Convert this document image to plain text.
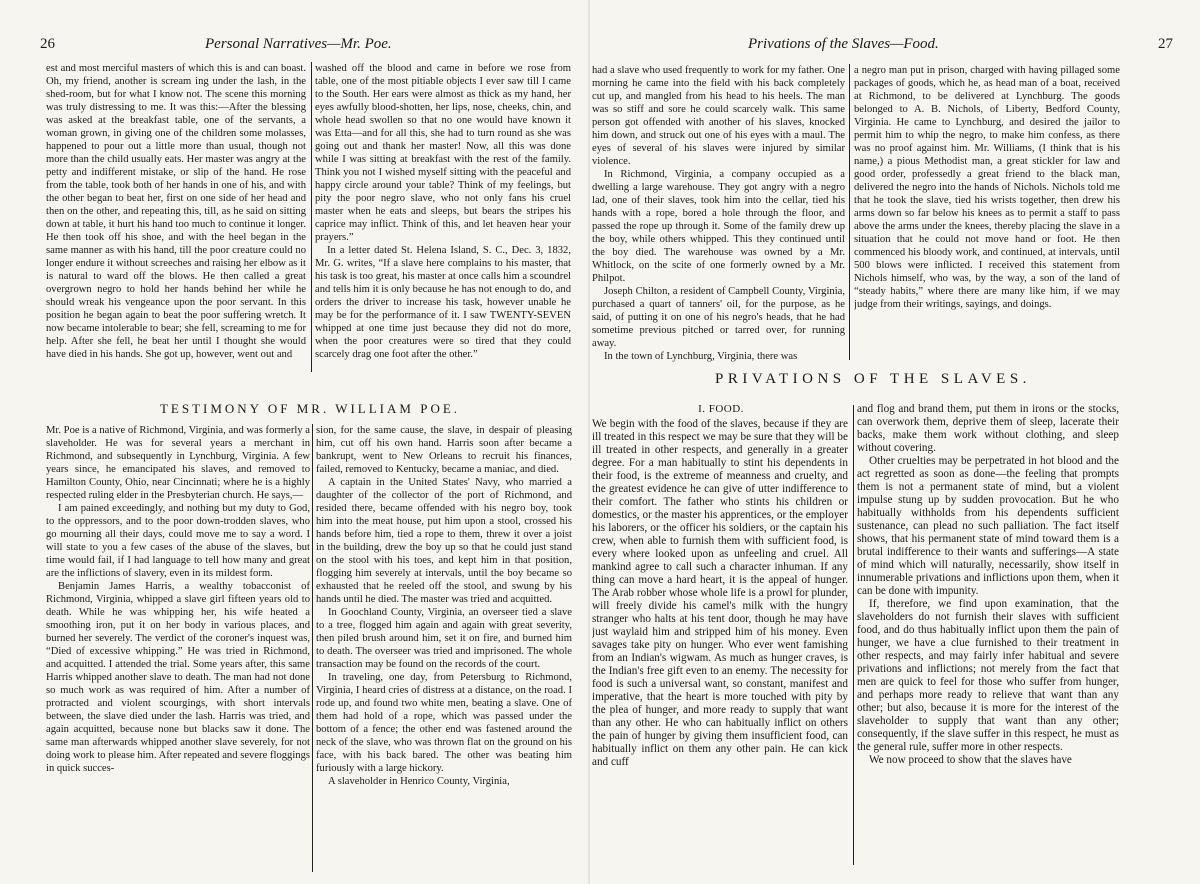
26	Personal Narratives—Mr. Poe.

est and most merciful masters of which this is and can boast. Oh, my friend, another is scream ing under the lash, in the shed-room, but for what I know not. The scene this morning was truly distressing to me. It was this:—After the blessing was asked at the breakfast table, one of the servants, a woman grown, in giving one of the children some molasses, happened to pour out a little more than usual, though not more than the child usually eats. Her master was angry at the petty and indifferent mistake, or slip of the hand. He rose from the table, took both of her hands in one of his, and with the other began to beat her, first on one side of her head and then on the other, and repeating this, till, as he said on sitting down at table, it hurt his hand too much to continue it longer. He then took off his shoe, and with the heel began in the same manner as with his hand, till the poor creature could no longer endure it without screeches and raising her elbow as it is natural to ward off the blows. He then called a great overgrown negro to hold her hands behind her while he should wreak his vengeance upon the poor servant. In this position he began again to beat the poor suffering wretch. It now became intolerable to bear; she fell, screaming to me for help. After she fell, he beat her until I thought she would have died in his hands. She got up, however, went out and

washed off the blood and came in before we rose from table, one of the most pitiable objects I ever saw till I came to the South. Her ears were almost as thick as my hand, her eyes awfully blood-shotten, her lips, nose, cheeks, chin, and whole head swollen so that no one would have known it was Etta—and for all this, she had to turn round as she was going out and thank her master! Now, all this was done while I was sitting at breakfast with the rest of the family. Think you not I wished myself sitting with the peaceful and happy circle around your table? Think of my feelings, but pity the poor negro slave, who not only fans his cruel master when he eats and sleeps, but bears the stripes his caprice may inflict. Think of this, and let heaven hear your prayers.”

In a letter dated St. Helena Island, S. C., Dec. 3, 1832, Mr. G. writes, “If a slave here complains to his master, that his task is too great, his master at once calls him a scoundrel and tells him it is only because he has not enough to do, and orders the driver to increase his task, however unable he may be for the performance of it. I saw TWENTY-SEVEN whipped at one time just because they did not do more, when the poor creatures were so tired that they could scarcely drag one foot after the other.”

TESTIMONY OF MR. WILLIAM POE.

Mr. Poe is a native of Richmond, Virginia, and was formerly a slaveholder. He was for several years a merchant in Richmond, and subsequently in Lynchburg, Virginia. A few years since, he emancipated his slaves, and removed to Hamilton County, Ohio, near Cincinnati; where he is a highly respected ruling elder in the Presbyterian church. He says,—

I am pained exceedingly, and nothing but my duty to God, to the oppressors, and to the poor down-trodden slaves, who go mourning all their days, could move me to say a word. I will state to you a few cases of the abuse of the slaves, but time would fail, if I had language to tell how many and great are the inflictions of slavery, even in its mildest form.

Benjamin James Harris, a wealthy tobacconist of Richmond, Virginia, whipped a slave girl fifteen years old to death. While he was whipping her, his wife heated a smoothing iron, put it on her body in various places, and burned her severely. The verdict of the coroner's inquest was, “Died of excessive whipping.” He was tried in Richmond, and acquitted. I attended the trial. Some years after, this same Harris whipped another slave to death. The man had not done so much work as was required of him. After a number of protracted and violent scourgings, with short intervals between, the slave died under the lash. Harris was tried, and again acquitted, because none but blacks saw it done. The same man afterwards whipped another slave severely, for not doing work to please him. After repeated and severe floggings in quick succes-

sion, for the same cause, the slave, in despair of pleasing him, cut off his own hand. Harris soon after became a bankrupt, went to New Orleans to recruit his finances, failed, removed to Kentucky, became a maniac, and died.

A captain in the United States' Navy, who married a daughter of the collector of the port of Richmond, and resided there, became offended with his negro boy, took him into the meat house, put him upon a stool, crossed his hands before him, tied a rope to them, threw it over a joist in the building, drew the boy up so that he could just stand on the stool with his toes, and kept him in that position, flogging him severely at intervals, until the boy became so exhausted that he reeled off the stool, and swung by his hands until he died. The master was tried and acquitted.

In Goochland County, Virginia, an overseer tied a slave to a tree, flogged him again and again with great severity, then piled brush around him, set it on fire, and burned him to death. The overseer was tried and imprisoned. The whole transaction may be found on the records of the court.

In traveling, one day, from Petersburg to Richmond, Virginia, I heard cries of distress at a distance, on the road. I rode up, and found two white men, beating a slave. One of them had hold of a rope, which was passed under the bottom of a fence; the other end was fastened around the neck of the slave, who was thrown flat on the ground on his face, with his back bared. The other was beating him furiously with a large hickory.

A slaveholder in Henrico County, Virginia,

Privations of the Slaves—Food.	27

had a slave who used frequently to work for my father. One morning he came into the field with his back completely cut up, and mangled from his head to his heels. The man was so stiff and sore he could scarcely walk. This same person got offended with another of his slaves, knocked him down, and struck out one of his eyes with a maul. The eyes of several of his slaves were injured by similar violence.

In Richmond, Virginia, a company occupied as a dwelling a large warehouse. They got angry with a negro lad, one of their slaves, took him into the cellar, tied his hands with a rope, bored a hole through the floor, and passed the rope up through it. Some of the family drew up the boy, while others whipped. This they continued until the boy died. The warehouse was owned by a Mr. Whitlock, on the scite of one formerly owned by a Mr. Philpot.

Joseph Chilton, a resident of Campbell County, Virginia, purchased a quart of tanners' oil, for the purpose, as he said, of putting it on one of his negro's heads, that he had sometime previous pitched or tarred over, for running away.

In the town of Lynchburg, Virginia, there was

a negro man put in prison, charged with having pillaged some packages of goods, which he, as head man of a boat, received at Richmond, to be delivered at Lynchburg. The goods belonged to A. B. Nichols, of Liberty, Bedford County, Virginia. He came to Lynchburg, and desired the jailor to permit him to whip the negro, to make him confess, as there was no proof against him. Mr. Williams, (I think that is his name,) a pious Methodist man, a great stickler for law and good order, professedly a great friend to the black man, delivered the negro into the hands of Nichols. Nichols told me that he took the slave, tied his wrists together, then drew his arms down so far below his knees as to permit a staff to pass above the arms under the knees, thereby placing the slave in a situation that he could not move hand or foot. He then commenced his bloody work, and continued, at intervals, until 500 blows were inflicted. I received this statement from Nichols himself, who was, by the way, a son of the land of “steady habits,” where there are many like him, if we may judge from their writings, sayings, and doings.

PRIVATIONS OF THE SLAVES.
I. FOOD.

We begin with the food of the slaves, because if they are ill treated in this respect we may be sure that they will be ill treated in other respects, and generally in a greater degree. For a man habitually to stint his dependents in their food, is the extreme of meanness and cruelty, and the greatest evidence he can give of utter indifference to their comfort. The father who stints his children or domestics, or the master his apprentices, or the employer his laborers, or the officer his soldiers, or the captain his crew, when able to furnish them with sufficient food, is every where looked upon as unfeeling and cruel. All mankind agree to call such a character inhuman. If any thing can move a hard heart, it is the appeal of hunger. The Arab robber whose whole life is a prowl for plunder, will freely divide his camel's milk with the hungry stranger who halts at his tent door, though he may have just waylaid him and stripped him of his money. Even savages take pity on hunger. Who ever went famishing from an Indian's wigwam. As much as hunger craves, is the Indian's free gift even to an enemy. The necessity for food is such a universal want, so constant, manifest and imperative, that the heart is more touched with pity by the plea of hunger, and more ready to supply that want than any other. He who can habitually inflict on others the pain of hunger by giving them insufficient food, can habitually inflict on them any other pain. He can kick and cuff

and flog and brand them, put them in irons or the stocks, can overwork them, deprive them of sleep, lacerate their backs, make them work without clothing, and sleep without covering.

Other cruelties may be perpetrated in hot blood and the act regretted as soon as done—the feeling that prompts them is not a permanent state of mind, but a violent impulse stung up by sudden provocation. But he who habitually withholds from his dependents sufficient sustenance, can plead no such palliation. The fact itself shows, that his permanent state of mind toward them is a brutal indifference to their wants and sufferings—A state of mind which will naturally, necessarily, show itself in innumerable privations and inflictions upon them, when it can be done with impunity.

If, therefore, we find upon examination, that the slaveholders do not furnish their slaves with sufficient food, and do thus habitually inflict upon them the pain of hunger, we have a clue furnished to their treatment in other respects, and may fairly infer habitual and severe privations and inflictions; not merely from the fact that men are quick to feel for those who suffer from hunger, and perhaps more ready to relieve that want than any other; but also, because it is more for the interest of the slaveholder to supply that want than any other; consequently, if the slave suffer in this respect, he must as the general rule, suffer more in other respects.

We now proceed to show that the slaves have
